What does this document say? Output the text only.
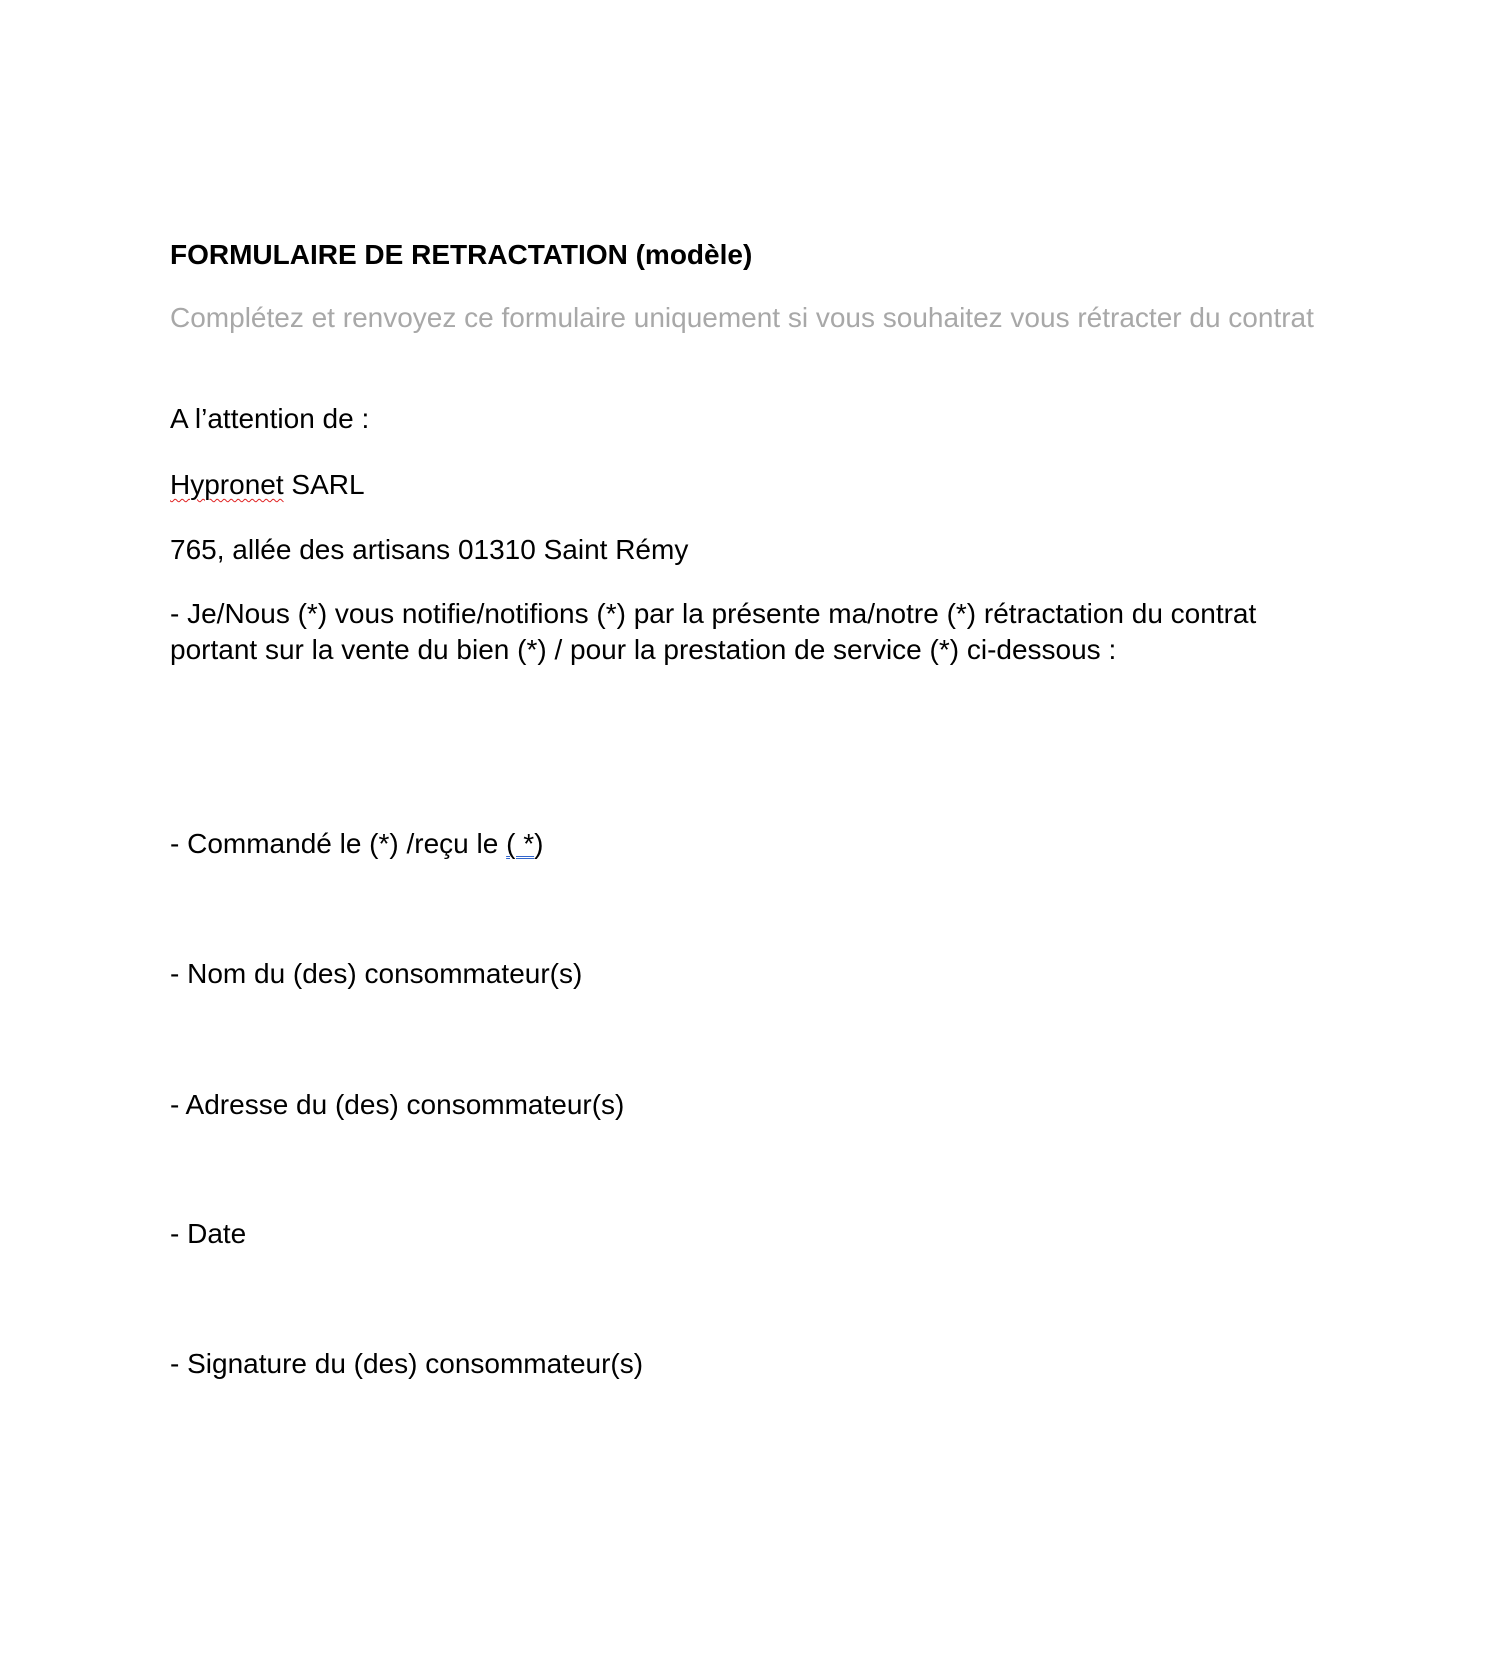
FORMULAIRE DE RETRACTATION (modèle)

Complétez et renvoyez ce formulaire uniquement si vous souhaitez vous rétracter du contrat

A l’attention de :

Hypronet SARL

765, allée des artisans 01310 Saint Rémy

- Je/Nous (*) vous notifie/notifions (*) par la présente ma/notre (*) rétractation du contrat portant sur la vente du bien (*) / pour la prestation de service (*) ci-dessous :

- Commandé le (*) /reçu le ( *)

- Nom du (des) consommateur(s)

- Adresse du (des) consommateur(s)

- Date

- Signature du (des) consommateur(s)
